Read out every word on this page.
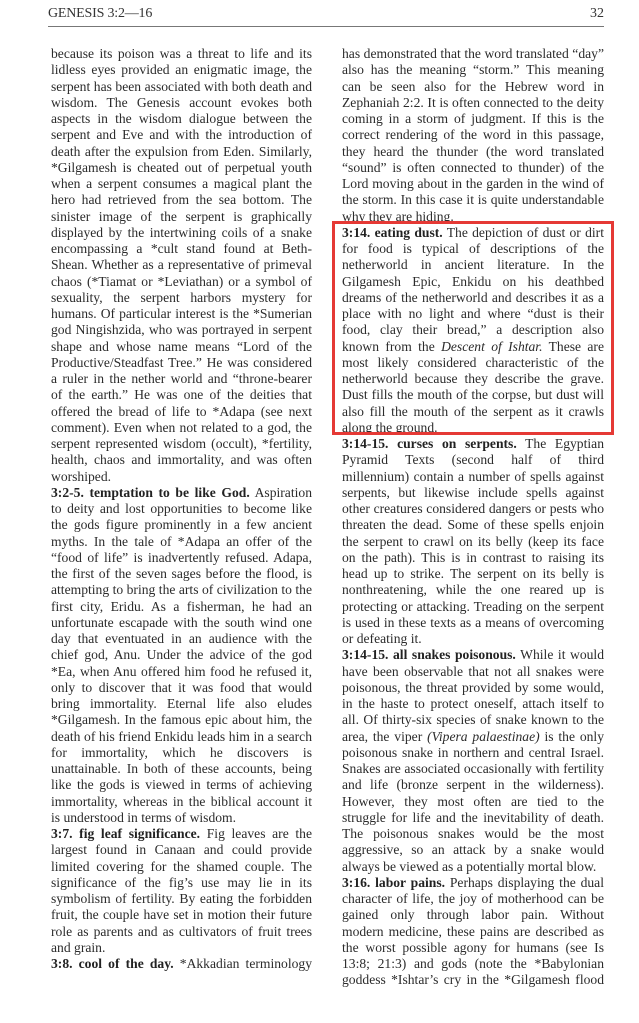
GENESIS 3:2—16	32

because its poison was a threat to life and its lidless eyes provided an enigmatic image, the serpent has been associated with both death and wisdom. The Genesis account evokes both aspects in the wisdom dialogue between the serpent and Eve and with the introduction of death after the expulsion from Eden. Similarly, *Gilgamesh is cheated out of perpetual youth when a serpent consumes a magical plant the hero had retrieved from the sea bottom. The sinister image of the serpent is graphically displayed by the intertwining coils of a snake encompassing a *cult stand found at Beth-Shean. Whether as a representative of primeval chaos (*Tiamat or *Leviathan) or a symbol of sexuality, the serpent harbors mystery for humans. Of particular interest is the *Sumerian god Ningishzida, who was portrayed in serpent shape and whose name means “Lord of the Productive/Steadfast Tree.” He was considered a ruler in the nether world and “throne-bearer of the earth.” He was one of the deities that offered the bread of life to *Adapa (see next comment). Even when not related to a god, the serpent represented wisdom (occult), *fertility, health, chaos and immortality, and was often worshiped.

3:2-5. temptation to be like God. Aspiration to deity and lost opportunities to become like the gods figure prominently in a few ancient myths. In the tale of *Adapa an offer of the “food of life” is inadvertently refused. Adapa, the first of the seven sages before the flood, is attempting to bring the arts of civilization to the first city, Eridu. As a fisherman, he had an unfortunate escapade with the south wind one day that eventuated in an audience with the chief god, Anu. Under the advice of the god *Ea, when Anu offered him food he refused it, only to discover that it was food that would bring immortality. Eternal life also eludes *Gilgamesh. In the famous epic about him, the death of his friend Enkidu leads him in a search for immortality, which he discovers is unattainable. In both of these accounts, being like the gods is viewed in terms of achieving immortality, whereas in the biblical account it is understood in terms of wisdom.

3:7. fig leaf significance. Fig leaves are the largest found in Canaan and could provide limited covering for the shamed couple. The significance of the fig’s use may lie in its symbolism of fertility. By eating the forbidden fruit, the couple have set in motion their future role as parents and as cultivators of fruit trees and grain.

3:8. cool of the day. *Akkadian terminology

has demonstrated that the word translated “day” also has the meaning “storm.” This meaning can be seen also for the Hebrew word in Zephaniah 2:2. It is often connected to the deity coming in a storm of judgment. If this is the correct rendering of the word in this passage, they heard the thunder (the word translated “sound” is often connected to thunder) of the Lord moving about in the garden in the wind of the storm. In this case it is quite understandable why they are hiding.

3:14. eating dust. The depiction of dust or dirt for food is typical of descriptions of the netherworld in ancient literature. In the Gilgamesh Epic, Enkidu on his deathbed dreams of the netherworld and describes it as a place with no light and where “dust is their food, clay their bread,” a description also known from the Descent of Ishtar. These are most likely considered characteristic of the netherworld because they describe the grave. Dust fills the mouth of the corpse, but dust will also fill the mouth of the serpent as it crawls along the ground.

3:14-15. curses on serpents. The Egyptian Pyramid Texts (second half of third millennium) contain a number of spells against serpents, but likewise include spells against other creatures considered dangers or pests who threaten the dead. Some of these spells enjoin the serpent to crawl on its belly (keep its face on the path). This is in contrast to raising its head up to strike. The serpent on its belly is nonthreatening, while the one reared up is protecting or attacking. Treading on the serpent is used in these texts as a means of overcoming or defeating it.

3:14-15. all snakes poisonous. While it would have been observable that not all snakes were poisonous, the threat provided by some would, in the haste to protect oneself, attach itself to all. Of thirty-six species of snake known to the area, the viper (Vipera palaestinae) is the only poisonous snake in northern and central Israel. Snakes are associated occasionally with fertility and life (bronze serpent in the wilderness). However, they most often are tied to the struggle for life and the inevitability of death. The poisonous snakes would be the most aggressive, so an attack by a snake would always be viewed as a potentially mortal blow.

3:16. labor pains. Perhaps displaying the dual character of life, the joy of motherhood can be gained only through labor pain. Without modern medicine, these pains are described as the worst possible agony for humans (see Is 13:8; 21:3) and gods (note the *Babylonian goddess *Ishtar’s cry in the *Gilgamesh flood
